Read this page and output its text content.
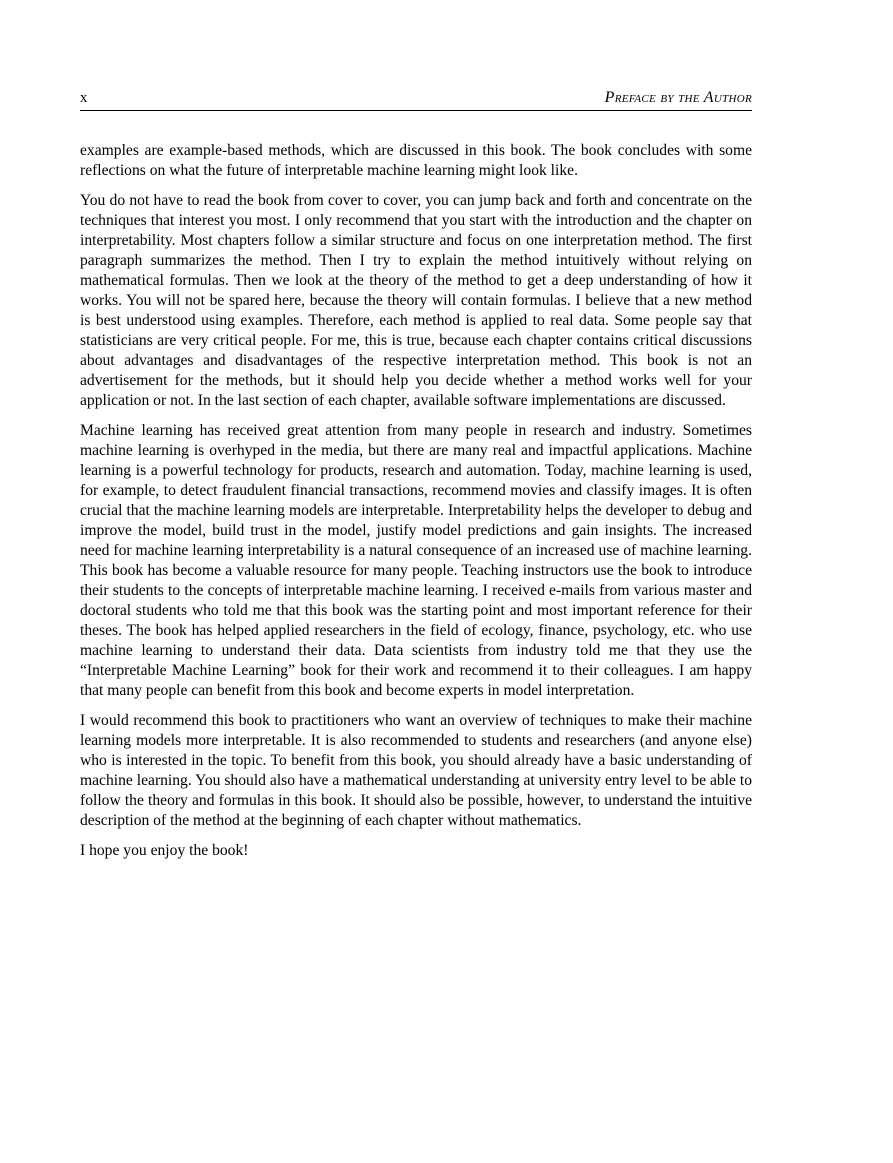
x	Preface by the Author

examples are example-based methods, which are discussed in this book. The book concludes with some reflections on what the future of interpretable machine learning might look like.

You do not have to read the book from cover to cover, you can jump back and forth and concentrate on the techniques that interest you most. I only recommend that you start with the introduction and the chapter on interpretability. Most chapters follow a similar structure and focus on one interpretation method. The first paragraph summarizes the method. Then I try to explain the method intuitively without relying on mathematical formulas. Then we look at the theory of the method to get a deep understanding of how it works. You will not be spared here, because the theory will contain formulas. I believe that a new method is best understood using examples. Therefore, each method is applied to real data. Some people say that statisticians are very critical people. For me, this is true, because each chapter contains critical discussions about advantages and disadvantages of the respective interpretation method. This book is not an advertisement for the methods, but it should help you decide whether a method works well for your application or not. In the last section of each chapter, available software implementations are discussed.

Machine learning has received great attention from many people in research and industry. Sometimes machine learning is overhyped in the media, but there are many real and impactful applications. Machine learning is a powerful technology for products, research and automation. Today, machine learning is used, for example, to detect fraudulent financial transactions, recommend movies and classify images. It is often crucial that the machine learning models are interpretable. Interpretability helps the developer to debug and improve the model, build trust in the model, justify model predictions and gain insights. The increased need for machine learning interpretability is a natural consequence of an increased use of machine learning. This book has become a valuable resource for many people. Teaching instructors use the book to introduce their students to the concepts of interpretable machine learning. I received e-mails from various master and doctoral students who told me that this book was the starting point and most important reference for their theses. The book has helped applied researchers in the field of ecology, finance, psychology, etc. who use machine learning to understand their data. Data scientists from industry told me that they use the “Interpretable Machine Learning” book for their work and recommend it to their colleagues. I am happy that many people can benefit from this book and become experts in model interpretation.

I would recommend this book to practitioners who want an overview of techniques to make their machine learning models more interpretable. It is also recommended to students and researchers (and anyone else) who is interested in the topic. To benefit from this book, you should already have a basic understanding of machine learning. You should also have a mathematical understanding at university entry level to be able to follow the theory and formulas in this book. It should also be possible, however, to understand the intuitive description of the method at the beginning of each chapter without mathematics.

I hope you enjoy the book!
